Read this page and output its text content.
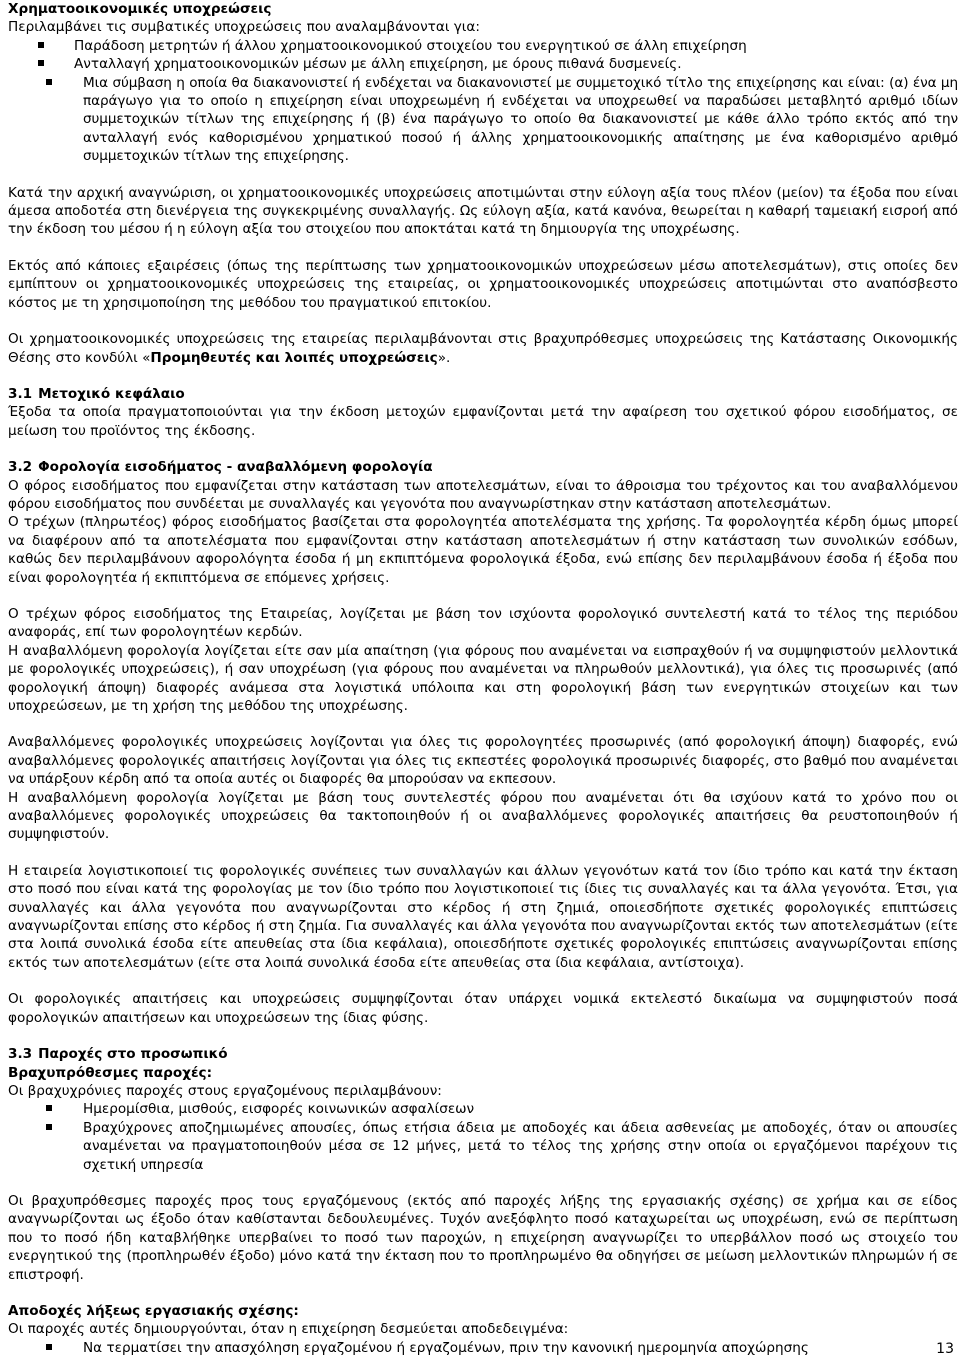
Χρηματοοικονομικές υποχρεώσεις

Περιλαμβάνει τις συμβατικές υποχρεώσεις που αναλαμβάνονται για:

Παράδοση μετρητών ή άλλου χρηματοοικονομικού στοιχείου του ενεργητικού σε άλλη επιχείρηση
Ανταλλαγή χρηματοοικονομικών μέσων με άλλη επιχείρηση, με όρους πιθανά δυσμενείς.
Μια σύμβαση η οποία θα διακανονιστεί ή ενδέχεται να διακανονιστεί με συμμετοχικό τίτλο της επιχείρησης και είναι: (α) ένα μη παράγωγο για το οποίο η επιχείρηση είναι υποχρεωμένη ή ενδέχεται να υποχρεωθεί να παραδώσει μεταβλητό αριθμό ιδίων συμμετοχικών τίτλων της επιχείρησης ή (β) ένα παράγωγο το οποίο θα διακανονιστεί με κάθε άλλο τρόπο εκτός από την ανταλλαγή ενός καθορισμένου χρηματικού ποσού ή άλλης χρηματοοικονομικής απαίτησης με ένα καθορισμένο αριθμό συμμετοχικών τίτλων της επιχείρησης.

Κατά την αρχική αναγνώριση, οι χρηματοοικονομικές υποχρεώσεις αποτιμώνται στην εύλογη αξία τους πλέον (μείον) τα έξοδα που είναι άμεσα αποδοτέα στη διενέργεια της συγκεκριμένης συναλλαγής. Ως εύλογη αξία, κατά κανόνα, θεωρείται η καθαρή ταμειακή εισροή από την έκδοση του μέσου ή η εύλογη αξία του στοιχείου που αποκτάται κατά τη δημιουργία της υποχρέωσης.

Εκτός από κάποιες εξαιρέσεις (όπως της περίπτωσης των χρηματοοικονομικών υποχρεώσεων μέσω αποτελεσμάτων), στις οποίες δεν εμπίπτουν οι χρηματοοικονομικές υποχρεώσεις της εταιρείας, οι χρηματοοικονομικές υποχρεώσεις αποτιμώνται στο αναπόσβεστο κόστος με τη χρησιμοποίηση της μεθόδου του πραγματικού επιτοκίου.

Οι χρηματοοικονομικές υποχρεώσεις της εταιρείας περιλαμβάνονται στις βραχυπρόθεσμες υποχρεώσεις της Κατάστασης Οικονομικής Θέσης στο κονδύλι «Προμηθευτές και λοιπές υποχρεώσεις».

3.1 Μετοχικό κεφάλαιο

Έξοδα τα οποία πραγματοποιούνται για την έκδοση μετοχών εμφανίζονται μετά την αφαίρεση του σχετικού φόρου εισοδήματος, σε μείωση του προϊόντος της έκδοσης.

3.2 Φορολογία εισοδήματος - αναβαλλόμενη φορολογία

Ο φόρος εισοδήματος που εμφανίζεται στην κατάσταση των αποτελεσμάτων, είναι το άθροισμα του τρέχοντος και του αναβαλλόμενου φόρου εισοδήματος που συνδέεται με συναλλαγές και γεγονότα που αναγνωρίστηκαν στην κατάσταση αποτελεσμάτων.

Ο τρέχων (πληρωτέος) φόρος εισοδήματος βασίζεται στα φορολογητέα αποτελέσματα της χρήσης. Τα φορολογητέα κέρδη όμως μπορεί να διαφέρουν από τα αποτελέσματα που εμφανίζονται στην κατάσταση αποτελεσμάτων ή στην κατάσταση των συνολικών εσόδων, καθώς δεν περιλαμβάνουν αφορολόγητα έσοδα ή μη εκπιπτόμενα φορολογικά έξοδα, ενώ επίσης δεν περιλαμβάνουν έσοδα ή έξοδα που είναι φορολογητέα ή εκπιπτόμενα σε επόμενες χρήσεις.

Ο τρέχων φόρος εισοδήματος της Εταιρείας, λογίζεται με βάση τον ισχύοντα φορολογικό συντελεστή κατά το τέλος της περιόδου αναφοράς, επί των φορολογητέων κερδών.

Η αναβαλλόμενη φορολογία λογίζεται είτε σαν μία απαίτηση (για φόρους που αναμένεται να εισπραχθούν ή να συμψηφιστούν μελλοντικά με φορολογικές υποχρεώσεις), ή σαν υποχρέωση (για φόρους που αναμένεται να πληρωθούν μελλοντικά), για όλες τις προσωρινές (από φορολογική άποψη) διαφορές ανάμεσα στα λογιστικά υπόλοιπα και στη φορολογική βάση των ενεργητικών στοιχείων και των υποχρεώσεων, με τη χρήση της μεθόδου της υποχρέωσης.

Αναβαλλόμενες φορολογικές υποχρεώσεις λογίζονται για όλες τις φορολογητέες προσωρινές (από φορολογική άποψη) διαφορές, ενώ αναβαλλόμενες φορολογικές απαιτήσεις λογίζονται για όλες τις εκπεστέες φορολογικά προσωρινές διαφορές, στο βαθμό που αναμένεται να υπάρξουν κέρδη από τα οποία αυτές οι διαφορές θα μπορούσαν να εκπεσουν.

Η αναβαλλόμενη φορολογία λογίζεται με βάση τους συντελεστές φόρου που αναμένεται ότι θα ισχύουν κατά το χρόνο που οι αναβαλλόμενες φορολογικές υποχρεώσεις θα τακτοποιηθούν ή οι αναβαλλόμενες φορολογικές απαιτήσεις θα ρευστοποιηθούν ή συμψηφιστούν.

Η εταιρεία λογιστικοποιεί τις φορολογικές συνέπειες των συναλλαγών και άλλων γεγονότων κατά τον ίδιο τρόπο και κατά την έκταση στο ποσό που είναι κατά της φορολογίας με τον ίδιο τρόπο που λογιστικοποιεί τις ίδιες τις συναλλαγές και τα άλλα γεγονότα. Έτσι, για συναλλαγές και άλλα γεγονότα που αναγνωρίζονται στο κέρδος ή στη ζημιά, οποιεσδήποτε σχετικές φορολογικές επιπτώσεις αναγνωρίζονται επίσης στο κέρδος ή στη ζημία. Για συναλλαγές και άλλα γεγονότα που αναγνωρίζονται εκτός των αποτελεσμάτων (είτε στα λοιπά συνολικά έσοδα είτε απευθείας στα ίδια κεφάλαια), οποιεσδήποτε σχετικές φορολογικές επιπτώσεις αναγνωρίζονται επίσης εκτός των αποτελεσμάτων (είτε στα λοιπά συνολικά έσοδα είτε απευθείας στα ίδια κεφάλαια, αντίστοιχα).

Οι φορολογικές απαιτήσεις και υποχρεώσεις συμψηφίζονται όταν υπάρχει νομικά εκτελεστό δικαίωμα να συμψηφιστούν ποσά φορολογικών απαιτήσεων και υποχρεώσεων της ίδιας φύσης.

3.3 Παροχές στο προσωπικό

Βραχυπρόθεσμες παροχές:

Οι βραχυχρόνιες παροχές στους εργαζομένους περιλαμβάνουν:

Ημερομίσθια, μισθούς, εισφορές κοινωνικών ασφαλίσεων
Βραχύχρονες αποζημιωμένες απουσίες, όπως ετήσια άδεια με αποδοχές και άδεια ασθενείας με αποδοχές, όταν οι απουσίες αναμένεται να πραγματοποιηθούν μέσα σε 12 μήνες, μετά το τέλος της χρήσης στην οποία οι εργαζόμενοι παρέχουν τις σχετική υπηρεσία

Οι βραχυπρόθεσμες παροχές προς τους εργαζόμενους (εκτός από παροχές λήξης της εργασιακής σχέσης) σε χρήμα και σε είδος αναγνωρίζονται ως έξοδο όταν καθίστανται δεδουλευμένες. Τυχόν ανεξόφλητο ποσό καταχωρείται ως υποχρέωση, ενώ σε περίπτωση που το ποσό ήδη καταβλήθηκε υπερβαίνει το ποσό των παροχών, η επιχείρηση αναγνωρίζει το υπερβάλλον ποσό ως στοιχείο του ενεργητικού της (προπληρωθέν έξοδο) μόνο κατά την έκταση που το προπληρωμένο θα οδηγήσει σε μείωση μελλοντικών πληρωμών ή σε επιστροφή.

Αποδοχές λήξεως εργασιακής σχέσης:

Οι παροχές αυτές δημιουργούνται, όταν η επιχείρηση δεσμεύεται αποδεδειγμένα:

Να τερματίσει την απασχόληση εργαζομένου ή εργαζομένων, πριν την κανονική ημερομηνία αποχώρησης	13
